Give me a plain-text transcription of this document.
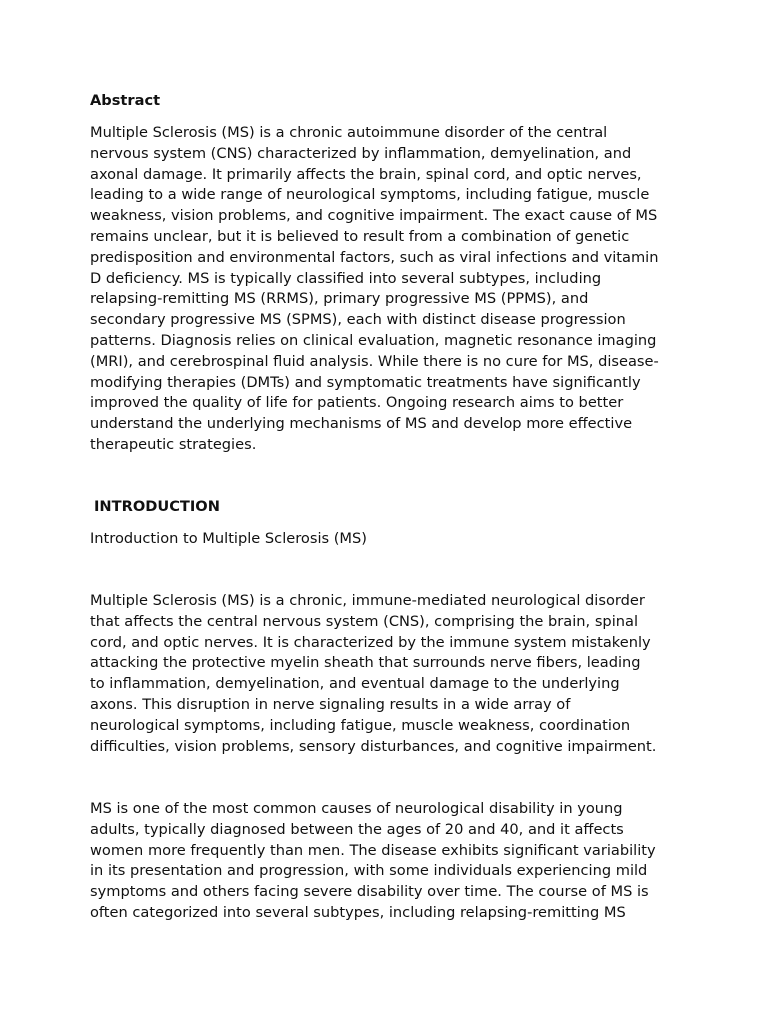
Abstract

Multiple Sclerosis (MS) is a chronic autoimmune disorder of the central
nervous system (CNS) characterized by inflammation, demyelination, and
axonal damage. It primarily affects the brain, spinal cord, and optic nerves,
leading to a wide range of neurological symptoms, including fatigue, muscle
weakness, vision problems, and cognitive impairment. The exact cause of MS
remains unclear, but it is believed to result from a combination of genetic
predisposition and environmental factors, such as viral infections and vitamin
D deficiency. MS is typically classified into several subtypes, including
relapsing-remitting MS (RRMS), primary progressive MS (PPMS), and
secondary progressive MS (SPMS), each with distinct disease progression
patterns. Diagnosis relies on clinical evaluation, magnetic resonance imaging
(MRI), and cerebrospinal fluid analysis. While there is no cure for MS, disease-
modifying therapies (DMTs) and symptomatic treatments have significantly
improved the quality of life for patients. Ongoing research aims to better
understand the underlying mechanisms of MS and develop more effective
therapeutic strategies.

INTRODUCTION

Introduction to Multiple Sclerosis (MS)

Multiple Sclerosis (MS) is a chronic, immune-mediated neurological disorder
that affects the central nervous system (CNS), comprising the brain, spinal
cord, and optic nerves. It is characterized by the immune system mistakenly
attacking the protective myelin sheath that surrounds nerve fibers, leading
to inflammation, demyelination, and eventual damage to the underlying
axons. This disruption in nerve signaling results in a wide array of
neurological symptoms, including fatigue, muscle weakness, coordination
difficulties, vision problems, sensory disturbances, and cognitive impairment.

MS is one of the most common causes of neurological disability in young
adults, typically diagnosed between the ages of 20 and 40, and it affects
women more frequently than men. The disease exhibits significant variability
in its presentation and progression, with some individuals experiencing mild
symptoms and others facing severe disability over time. The course of MS is
often categorized into several subtypes, including relapsing-remitting MS
